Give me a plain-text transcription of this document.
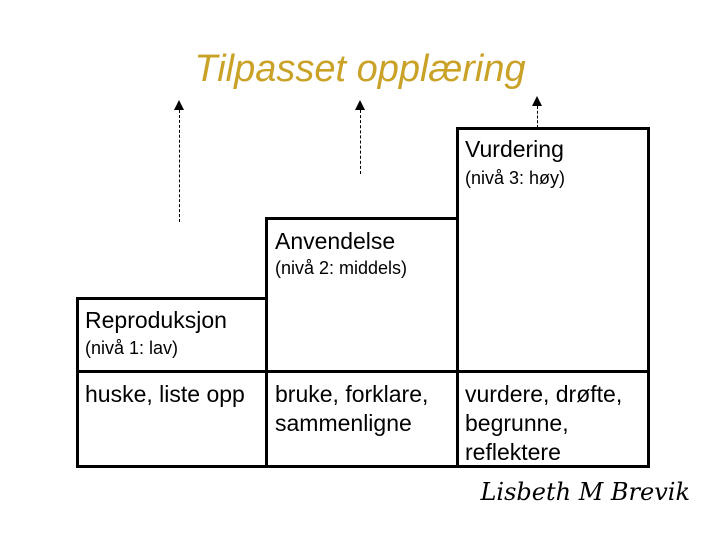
Tilpasset opplæring
Reproduksjon
(nivå 1: lav)
huske, liste opp
Anvendelse
(nivå 2: middels)
bruke, forklare,
sammenligne
Vurdering
(nivå 3: høy)
vurdere, drøfte,
begrunne,
reflektere
Lisbeth M Brevik
